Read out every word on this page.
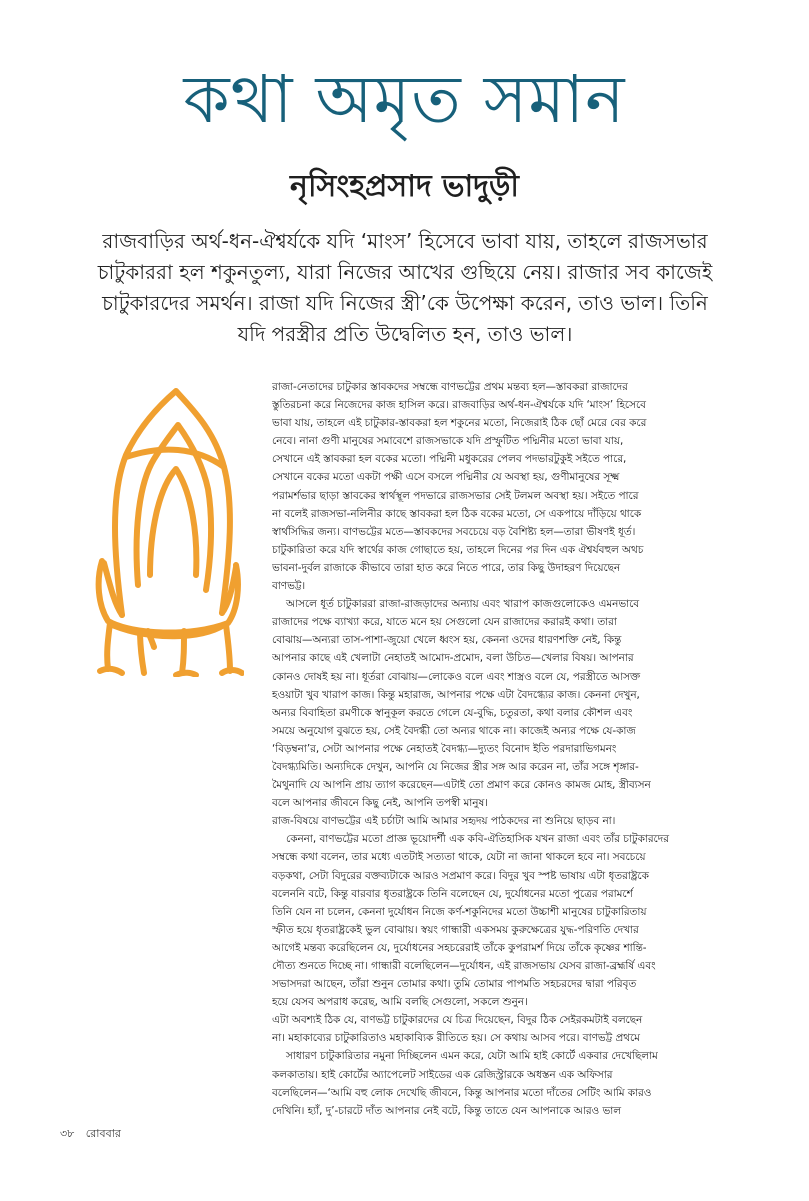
কথা অমৃত সমান
নৃসিংহপ্রসাদ ভাদুড়ী
রাজবাড়ির অর্থ-ধন-ঐশ্বর্যকে যদি ‘মাংস’ হিসেবে ভাবা যায়, তাহলে রাজসভার
চাটুকাররা হল শকুনতুল্য, যারা নিজের আখের গুছিয়ে নেয়। রাজার সব কাজেই
চাটুকারদের সমর্থন। রাজা যদি নিজের স্ত্রী’কে উপেক্ষা করেন, তাও ভাল। তিনি
যদি পরস্ত্রীর প্রতি উদ্বেলিত হন, তাও ভাল।
রাজা-নেতাদের চাটুকার স্তাবকদের সম্বন্ধে বাণভট্টের প্রথম মন্তব্য হল—স্তাবকরা রাজাদের
স্তুতিরচনা করে নিজেদের কাজ হাসিল করে। রাজবাড়ির অর্থ-ধন-ঐশ্বর্যকে যদি ‘মাংস’ হিসেবে
ভাবা যায়, তাহলে এই চাটুকার-স্তাবকরা হল শকুনের মতো, নিজেরাই ঠিক ছোঁ মেরে বের করে
নেবে। নানা গুণী মানুষের সমাবেশে রাজসভাকে যদি প্রস্ফুটিত পদ্মিনীর মতো ভাবা যায়,
সেখানে এই স্তাবকরা হল বকের মতো। পদ্মিনী মধুকরের পেলব পদভারটুকুই সইতে পারে,
সেখানে বকের মতো একটা পক্ষী এসে বসলে পদ্মিনীর যে অবস্থা হয়, গুণীমানুষের সূক্ষ্ম
পরামর্শভার ছাড়া স্তাবকের স্বার্থস্থূল পদভারে রাজসভার সেই টলমল অবস্থা হয়। সইতে পারে
না বলেই রাজসভা-নলিনীর কাছে স্তাবকরা হল ঠিক বকের মতো, সে একপায়ে দাঁড়িয়ে থাকে
স্বার্থসিদ্ধির জন্য। বাণভট্টের মতে—স্তাবকদের সবচেয়ে বড় বৈশিষ্ট্য হল—তারা ভীষণই ধূর্ত।
চাটুকারিতা করে যদি স্বার্থের কাজ গোছাতে হয়, তাহলে দিনের পর দিন এক ঐশ্বর্যবহুল অথচ
ভাবনা-দুর্বল রাজাকে কীভাবে তারা হাত করে নিতে পারে, তার কিছু উদাহরণ দিয়েছেন
বাণভট্ট।
আসলে ধূর্ত চাটুকাররা রাজা-রাজড়াদের অন্যায় এবং খারাপ কাজগুলোকেও এমনভাবে
রাজাদের পক্ষে ব্যাখ্যা করে, যাতে মনে হয় সেগুলো যেন রাজাদের করারই কথা। তারা
বোঝায়—অন্যরা তাস-পাশা-জুয়ো খেলে ধ্বংস হয়, কেননা ওদের ধারণশক্তি নেই, কিন্তু
আপনার কাছে এই খেলাটা নেহাতই আমোদ-প্রমোদ, বলা উচিত—খেলার বিষয়। আপনার
কোনও দোষই হয় না। ধূর্তরা বোঝায়—লোকেও বলে এবং শাস্ত্রও বলে যে, পরস্ত্রীতে আসক্ত
হওয়াটা খুব খারাপ কাজ। কিন্তু মহারাজ, আপনার পক্ষে এটা বৈদগ্ধ্যের কাজ। কেননা দেখুন,
অন্যর বিবাহিতা রমণীকে স্বানুকূল করতে গেলে যে-বুদ্ধি, চতুরতা, কথা বলার কৌশল এবং
সময়ে অনুযোগ বুঝতে হয়, সেই বৈদগ্ধী তো অন্যর থাকে না। কাজেই অন্যর পক্ষে যে-কাজ
‘বিড়ম্বনা’র, সেটা আপনার পক্ষে নেহাতই বৈদগ্ধ্য—দ্যুতং বিনোদ ইতি পরদারাভিগমনং
বৈদগ্ধ্যমিতি। অন্যদিকে দেখুন, আপনি যে নিজের স্ত্রীর সঙ্গ আর করেন না, তাঁর সঙ্গে শৃঙ্গার-
মৈথুনাদি যে আপনি প্রায় ত্যাগ করেছেন—এটাই তো প্রমাণ করে কোনও কামজ মোহ, স্ত্রীব্যসন
বলে আপনার জীবনে কিছু নেই, আপনি তপস্বী মানুষ।
রাজ-বিষয়ে বাণভট্টের এই চর্চাটা আমি আমার সহৃদয় পাঠকদের না শুনিয়ে ছাড়ব না।
কেননা, বাণভট্টের মতো প্রাজ্ঞ ভূয়োদর্শী এক কবি-ঐতিহাসিক যখন রাজা এবং তাঁর চাটুকারদের
সম্বন্ধে কথা বলেন, তার মধ্যে এতটাই সত্যতা থাকে, যেটা না জানা থাকলে হবে না। সবচেয়ে
বড়কথা, সেটা বিদুরের বক্তব্যটাকে আরও সপ্রমাণ করে। বিদুর খুব স্পষ্ট ভাষায় এটা ধৃতরাষ্ট্রকে
বলেননি বটে, কিন্তু বারবার ধৃতরাষ্ট্রকে তিনি বলেছেন যে, দুর্যোধনের মতো পুত্রের পরামর্শে
তিনি যেন না চলেন, কেননা দুর্যোধন নিজে কর্ণ-শকুনিদের মতো উচ্চাশী মানুষের চাটুকারিতায়
স্ফীত হয়ে ধৃতরাষ্ট্রকেই ভুল বোঝায়। স্বয়ং গান্ধারী একসময় কুরুক্ষেত্রের যুদ্ধ-পরিণতি দেখার
আগেই মন্তব্য করেছিলেন যে, দুর্যোধনের সহচরেরাই তাঁকে কুপরামর্শ দিয়ে তাঁকে কৃষ্ণের শান্তি-
দৌত্য শুনতে দিচ্ছে না। গান্ধারী বলেছিলেন—দুর্যোধন, এই রাজসভায় যেসব রাজা-ব্রহ্মর্ষি এবং
সভাসদরা আছেন, তাঁরা শুনুন তোমার কথা। তুমি তোমার পাপমতি সহচরদের দ্বারা পরিবৃত
হয়ে যেসব অপরাধ করেছ, আমি বলছি সেগুলো, সকলে শুনুন।
এটা অবশ্যই ঠিক যে, বাণভট্ট চাটুকারদের যে চিত্র দিয়েছেন, বিদুর ঠিক সেইরকমটাই বলছেন
না। মহাকাব্যের চাটুকারিতাও মহাকাব্যিক রীতিতে হয়। সে কথায় আসব পরে। বাণভট্ট প্রথমে
সাধারণ চাটুকারিতার নমুনা দিচ্ছিলেন এমন করে, যেটা আমি হাই কোর্টে একবার দেখেছিলাম
কলকাতায়। হাই কোর্টের অ্যাপেলেট সাইডের এক রেজিস্ট্রারকে অধস্তন এক অফিসার
বলেছিলেন—‘আমি বহু লোক দেখেছি জীবনে, কিন্তু আপনার মতো দাঁতের সেটিং আমি কারও
দেখিনি। হ্যাঁ, দু’-চারটে দাঁত আপনার নেই বটে, কিন্তু তাতে যেন আপনাকে আরও ভাল
৩৮ রোববার
